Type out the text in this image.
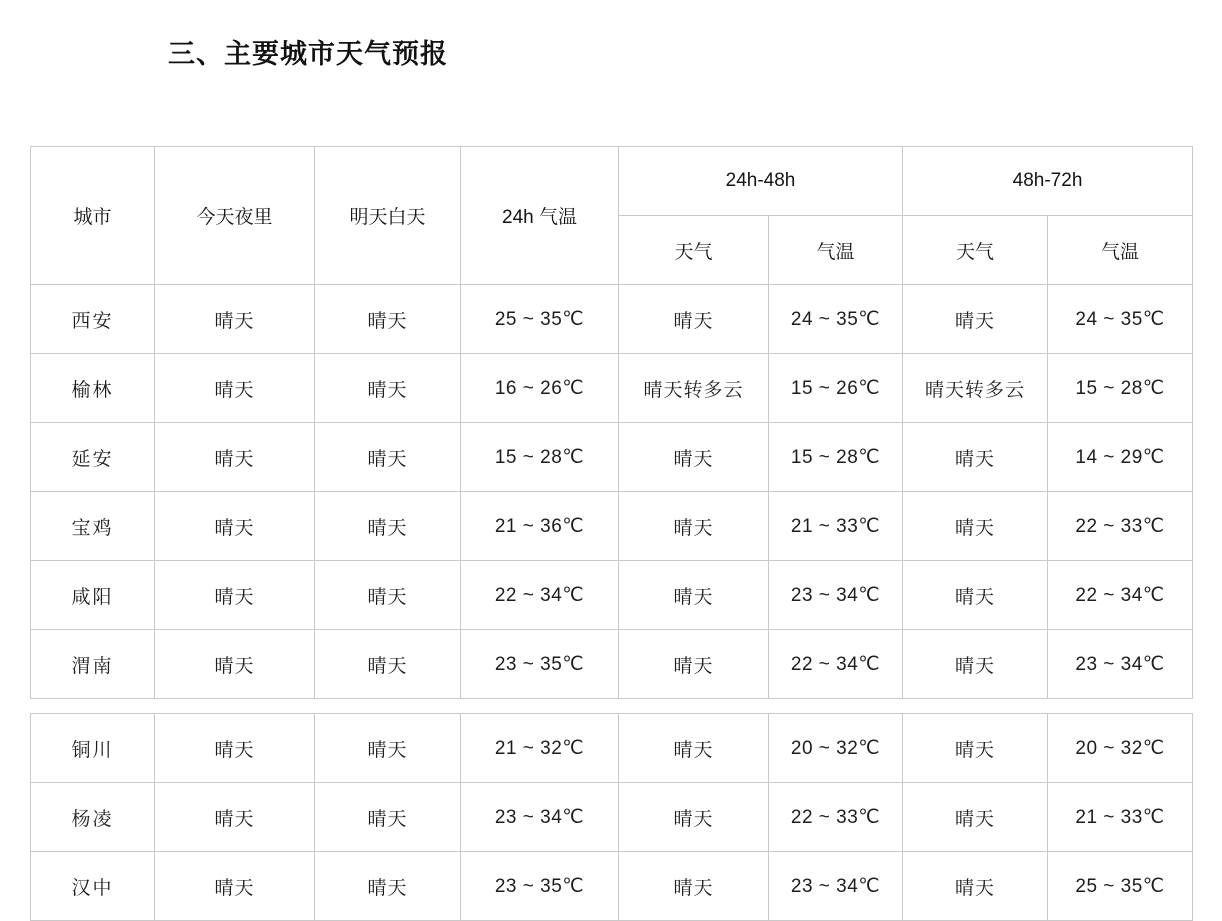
三、主要城市天气预报
城市	今天夜里	明天白天	24h 气温	24h-48h		48h-72h	
				天气	气温	天气	气温
西安	晴天	晴天	25 ~ 35℃	晴天	24 ~ 35℃	晴天	24 ~ 35℃
榆林	晴天	晴天	16 ~ 26℃	晴天转多云	15 ~ 26℃	晴天转多云	15 ~ 28℃
延安	晴天	晴天	15 ~ 28℃	晴天	15 ~ 28℃	晴天	14 ~ 29℃
宝鸡	晴天	晴天	21 ~ 36℃	晴天	21 ~ 33℃	晴天	22 ~ 33℃
咸阳	晴天	晴天	22 ~ 34℃	晴天	23 ~ 34℃	晴天	22 ~ 34℃
渭南	晴天	晴天	23 ~ 35℃	晴天	22 ~ 34℃	晴天	23 ~ 34℃

铜川	晴天	晴天	21 ~ 32℃	晴天	20 ~ 32℃	晴天	20 ~ 32℃
杨凌	晴天	晴天	23 ~ 34℃	晴天	22 ~ 33℃	晴天	21 ~ 33℃
汉中	晴天	晴天	23 ~ 35℃	晴天	23 ~ 34℃	晴天	25 ~ 35℃
